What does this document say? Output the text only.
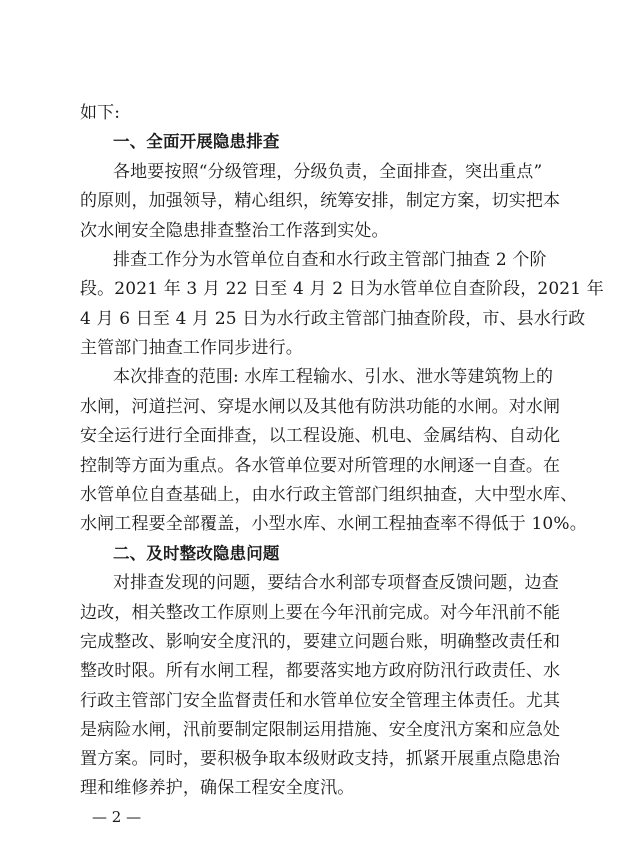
如下:
一、全面开展隐患排查
各地要按照“分级管理，分级负责，全面排查，突出重点”
的原则，加强领导，精心组织，统筹安排，制定方案，切实把本
次水闸安全隐患排查整治工作落到实处。
排查工作分为水管单位自查和水行政主管部门抽查 2 个阶
段。2021 年 3 月 22 日至 4 月 2 日为水管单位自查阶段，2021 年
4 月 6 日至 4 月 25 日为水行政主管部门抽查阶段，市、县水行政
主管部门抽查工作同步进行。
本次排查的范围: 水库工程输水、引水、泄水等建筑物上的
水闸，河道拦河、穿堤水闸以及其他有防洪功能的水闸。对水闸
安全运行进行全面排查，以工程设施、机电、金属结构、自动化
控制等方面为重点。各水管单位要对所管理的水闸逐一自查。在
水管单位自查基础上，由水行政主管部门组织抽查，大中型水库、
水闸工程要全部覆盖，小型水库、水闸工程抽查率不得低于 10%。
二、及时整改隐患问题
对排查发现的问题，要结合水利部专项督查反馈问题，边查
边改，相关整改工作原则上要在今年汛前完成。对今年汛前不能
完成整改、影响安全度汛的，要建立问题台账，明确整改责任和
整改时限。所有水闸工程，都要落实地方政府防汛行政责任、水
行政主管部门安全监督责任和水管单位安全管理主体责任。尤其
是病险水闸，汛前要制定限制运用措施、安全度汛方案和应急处
置方案。同时，要积极争取本级财政支持，抓紧开展重点隐患治
理和维修养护，确保工程安全度汛。
— 2 —
